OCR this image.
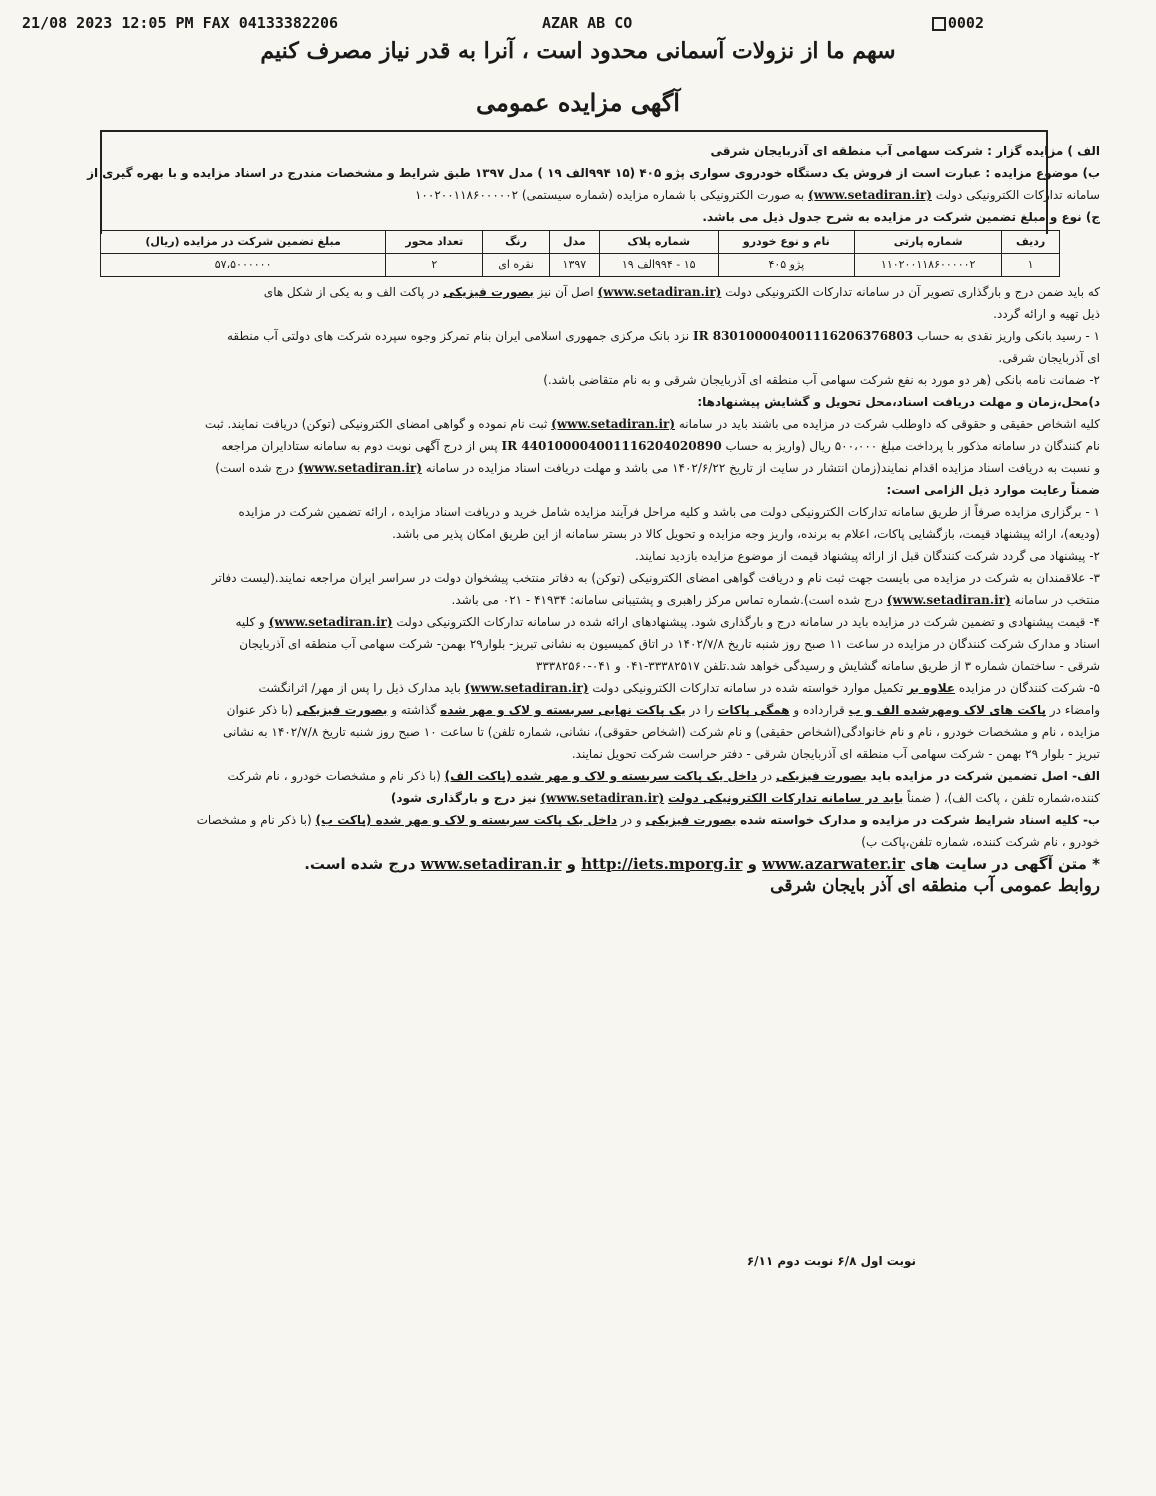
21/08 2023 12:05 PM FAX 04133382206	AZAR AB CO	0002
سهم ما از نزولات آسمانی محدود است ، آنرا به قدر نیاز مصرف کنیم
آگهی مزایده عمومی

الف ) مزایده گزار : شرکت سهامی آب منطقه ای آذربایجان شرقی

ب) موضوع مزایده : عبارت است از فروش یک دستگاه خودروی سواری پژو ۴۰۵ (۱۵ ۹۹۴الف ۱۹ ) مدل ۱۳۹۷ طبق شرایط و مشخصات مندرج در اسناد مزایده و با بهره گیری از

سامانه تدارکات الکترونیکی دولت (www.setadiran.ir) به صورت الکترونیکی با شماره مزایده (شماره سیستمی) ۱۰۰۲۰۰۱۱۸۶۰۰۰۰۰۲

ج) نوع و مبلغ تضمین شرکت در مزایده به شرح جدول ذیل می باشد.

ردیف	شماره پارتی	نام و نوع خودرو	شماره پلاک	مدل	رنگ	تعداد محور	مبلغ تضمین شرکت در مزایده (ریال)
۱	۱۱۰۲۰۰۱۱۸۶۰۰۰۰۰۲	پژو ۴۰۵	۱۵ - ۹۹۴الف ۱۹	۱۳۹۷	نقره ای	۲	۵۷،۵۰۰۰۰۰۰

که باید ضمن درج و بارگذاری تصویر آن در سامانه تدارکات الکترونیکی دولت (www.setadiran.ir) اصل آن نیز بصورت فیزیکی در پاکت الف و به یکی از شکل های

ذیل تهیه و ارائه گردد.

۱ - رسید بانکی واریز نقدی به حساب IR 830100004001116206376803 نزد بانک مرکزی جمهوری اسلامی ایران بنام تمرکز وجوه سپرده شرکت های دولتی آب منطقه

ای آذربایجان شرقی.

۲- ضمانت نامه بانکی (هر دو مورد به نفع شرکت سهامی آب منطقه ای آذربایجان شرقی و به نام متقاضی باشد.)

د)محل،زمان و مهلت دریافت اسناد،محل تحویل و گشایش پیشنهادها:

کلیه اشخاص حقیقی و حقوقی که داوطلب شرکت در مزایده می باشند باید در سامانه (www.setadiran.ir) ثبت نام نموده و گواهی امضای الکترونیکی (توکن) دریافت نمایند. ثبت

نام کنندگان در سامانه مذکور با پرداخت مبلغ ۵۰۰،۰۰۰ ریال (واریز به حساب IR 440100004001116204020890 پس از درج آگهی نوبت دوم به سامانه ستادایران مراجعه

و نسبت به دریافت اسناد مزایده اقدام نمایند(زمان انتشار در سایت از تاریخ ۱۴۰۲/۶/۲۲ می باشد و مهلت دریافت اسناد مزایده در سامانه (www.setadiran.ir) درج شده است)

ضمناً رعایت موارد ذیل الزامی است:

۱ - برگزاری مزایده صرفاً از طریق سامانه تدارکات الکترونیکی دولت می باشد و کلیه مراحل فرآیند مزایده شامل خرید و دریافت اسناد مزایده ، ارائه تضمین شرکت در مزایده

(ودیعه)، ارائه پیشنهاد قیمت، بازگشایی پاکات، اعلام به برنده، واریز وجه مزایده و تحویل کالا در بستر سامانه از این طریق امکان پذیر می باشد.

۲- پیشنهاد می گردد شرکت کنندگان قبل از ارائه پیشنهاد قیمت از موضوع مزایده بازدید نمایند.

۳- علاقمندان به شرکت در مزایده می بایست جهت ثبت نام و دریافت گواهی امضای الکترونیکی (توکن) به دفاتر منتخب پیشخوان دولت در سراسر ایران مراجعه نمایند.(لیست دفاتر

منتخب در سامانه (www.setadiran.ir) درج شده است).شماره تماس مرکز راهبری و پشتیبانی سامانه: ۴۱۹۳۴ - ۰۲۱ می باشد.

۴- قیمت پیشنهادی و تضمین شرکت در مزایده باید در سامانه درج و بارگذاری شود. پیشنهادهای ارائه شده در سامانه تدارکات الکترونیکی دولت (www.setadiran.ir) و کلیه

اسناد و مدارک شرکت کنندگان در مزایده در ساعت ۱۱ صبح روز شنبه تاریخ ۱۴۰۲/۷/۸ در اتاق کمیسیون به نشانی تبریز- بلوار۲۹ بهمن- شرکت سهامی آب منطقه ای آذربایجان

شرقی - ساختمان شماره ۳ از طریق سامانه گشایش و رسیدگی خواهد شد.تلفن ۳۳۳۸۲۵۱۷-۰۴۱ و ۰۴۱-۳۳۳۸۲۵۶۰

۵- شرکت کنندگان در مزایده علاوه بر تکمیل موارد خواسته شده در سامانه تدارکات الکترونیکی دولت (www.setadiran.ir) باید مدارک ذیل را پس از مهر/ اثرانگشت

وامضاء در پاکت های لاک ومهرشده الف و ب قرارداده و همگی پاکات را در یک پاکت نهایی سربسته و لاک و مهر شده گذاشته و بصورت فیزیکی (با ذکر عنوان

مزایده ، نام و مشخصات خودرو ، نام و نام خانوادگی(اشخاص حقیقی) و نام شرکت (اشخاص حقوقی)، نشانی، شماره تلفن) تا ساعت ۱۰ صبح روز شنبه تاریخ ۱۴۰۲/۷/۸ به نشانی

تبریز - بلوار ۲۹ بهمن - شرکت سهامی آب منطقه ای آذربایجان شرقی - دفتر حراست شرکت تحویل نمایند.

الف- اصل تضمین شرکت در مزایده باید بصورت فیزیکی در داخل یک پاکت سربسته و لاک و مهر شده (پاکت الف) (با ذکر نام و مشخصات خودرو ، نام شرکت

کننده،شماره تلفن ، پاکت الف)، ( ضمناً باید در سامانه تدارکات الکترونیکی دولت (www.setadiran.ir) نیز درج و بارگذاری شود)

ب- کلیه اسناد شرایط شرکت در مزایده و مدارک خواسته شده بصورت فیزیکی و در داخل یک پاکت سربسته و لاک و مهر شده (پاکت ب) (با ذکر نام و مشخصات

خودرو ، نام شرکت کننده، شماره تلفن،پاکت ب)

* متن آگهی در سایت های www.azarwater.ir و http://iets.mporg.ir و www.setadiran.ir درج شده است.

روابط عمومی آب منطقه ای آذر بایجان شرقی

نوبت اول ۶/۸ نوبت دوم ۶/۱۱
